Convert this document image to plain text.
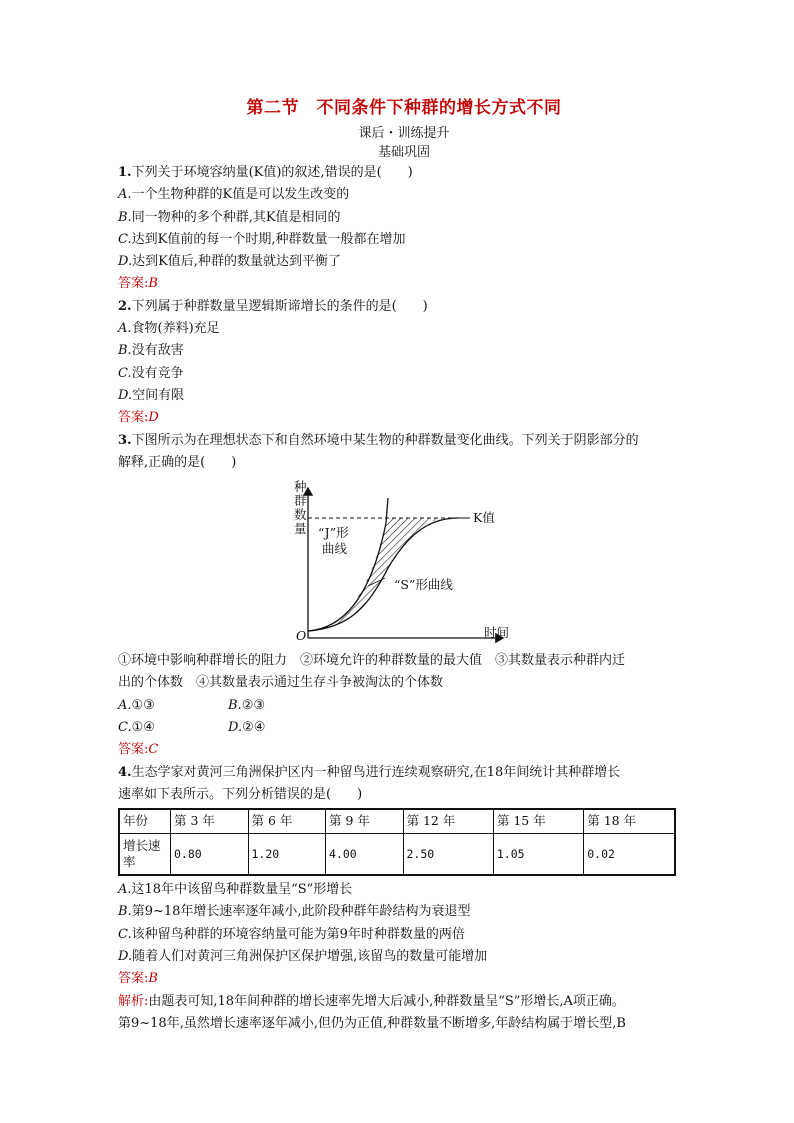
第二节　不同条件下种群的增长方式不同
课后・训练提升
基础巩固
1.下列关于环境容纳量(K值)的叙述,错误的是(　　)
A.一个生物种群的K值是可以发生改变的
B.同一物种的多个种群,其K值是相同的
C.达到K值前的每一个时期,种群数量一般都在增加
D.达到K值后,种群的数量就达到平衡了
答案:B
2.下列属于种群数量呈逻辑斯谛增长的条件的是(　　)
A.食物(养料)充足
B.没有敌害
C.没有竞争
D.空间有限
答案:D
3.下图所示为在理想状态下和自然环境中某生物的种群数量变化曲线。下列关于阴影部分的
解释,正确的是(　　)
种群数量
时间
O
K值
“J”形
曲线
“S”形曲线
①环境中影响种群增长的阻力　②环境允许的种群数量的最大值　③其数量表示种群内迁
出的个体数　④其数量表示通过生存斗争被淘汰的个体数
A.①③	B.②③
C.①④	D.②④
答案:C
4.生态学家对黄河三角洲保护区内一种留鸟进行连续观察研究,在18年间统计其种群增长
速率如下表所示。下列分析错误的是(　　)
年份	第 3 年	第 6 年	第 9 年	第 12 年	第 15 年	第 18 年
增长速率	0.80	1.20	4.00	2.50	1.05	0.02
A.这18年中该留鸟种群数量呈“S”形增长
B.第9~18年增长速率逐年减小,此阶段种群年龄结构为衰退型
C.该种留鸟种群的环境容纳量可能为第9年时种群数量的两倍
D.随着人们对黄河三角洲保护区保护增强,该留鸟的数量可能增加
答案:B
解析:由题表可知,18年间种群的增长速率先增大后减小,种群数量呈“S”形增长,A项正确。
第9~18年,虽然增长速率逐年减小,但仍为正值,种群数量不断增多,年龄结构属于增长型,B
